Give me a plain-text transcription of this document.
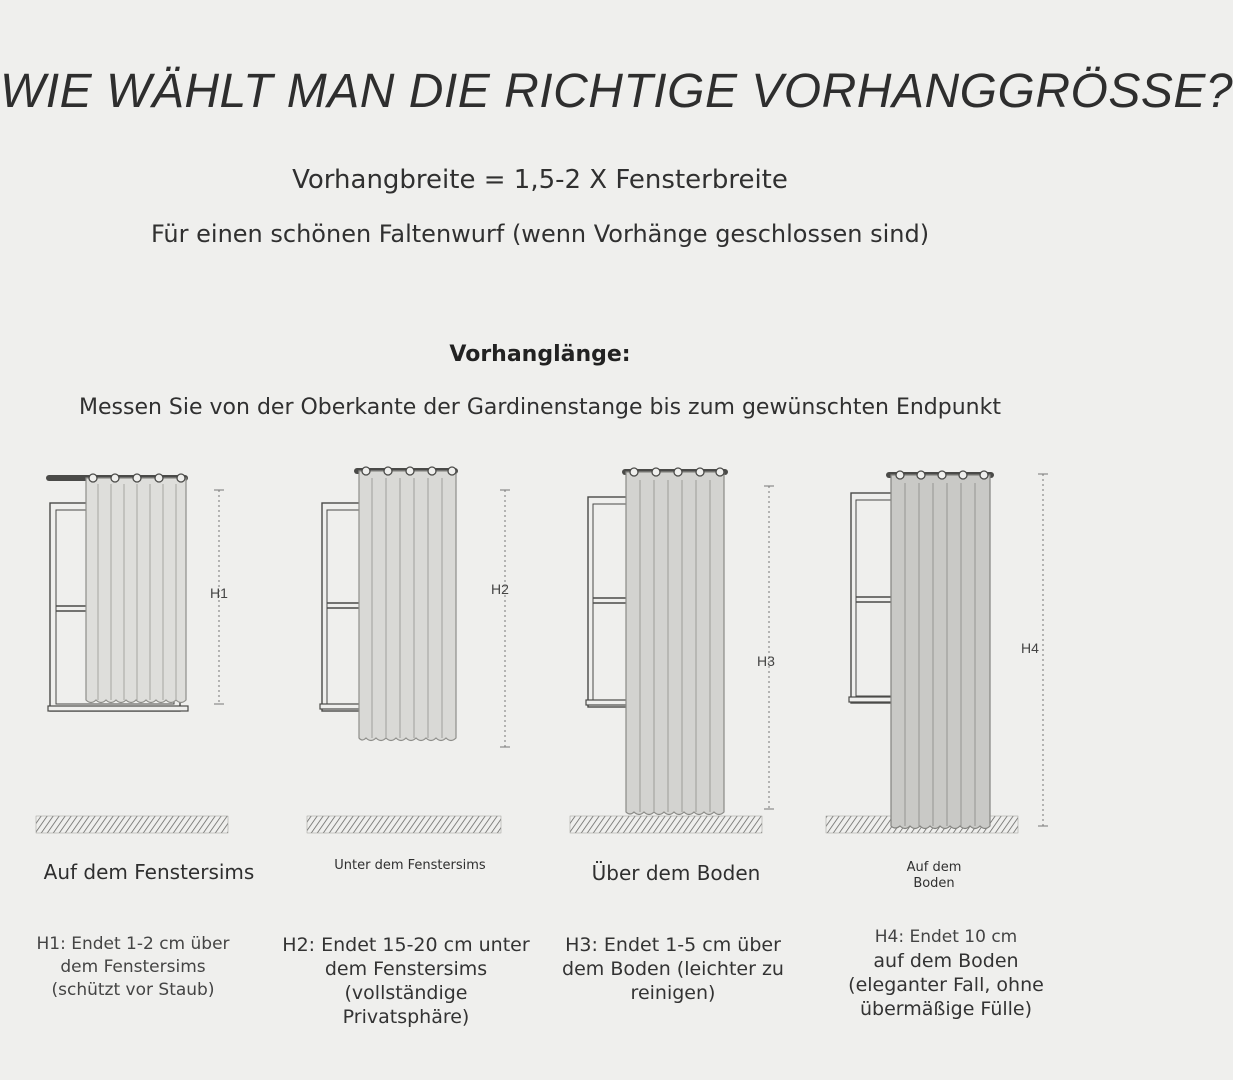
WIE WÄHLT MAN DIE RICHTIGE VORHANGGRÖSSE?
Vorhangbreite = 1,5-2 X Fensterbreite
Für einen schönen Faltenwurf (wenn Vorhänge geschlossen sind)
Vorhanglänge:
Messen Sie von der Oberkante der Gardinenstange bis zum gewünschten Endpunkt
H1	H2
H3
H4
Auf dem Fenstersims	Unter dem Fenstersims	Über dem Boden	Auf dem
Boden
H1: Endet 1-2 cm über
dem Fenstersims
(schützt vor Staub)
H2: Endet 15-20 cm unter
dem Fenstersims
(vollständige
Privatsphäre)
H3: Endet 1-5 cm über
dem Boden (leichter zu
reinigen)
H4: Endet 10 cm
auf dem Boden
(eleganter Fall, ohne
übermäßige Fülle)
